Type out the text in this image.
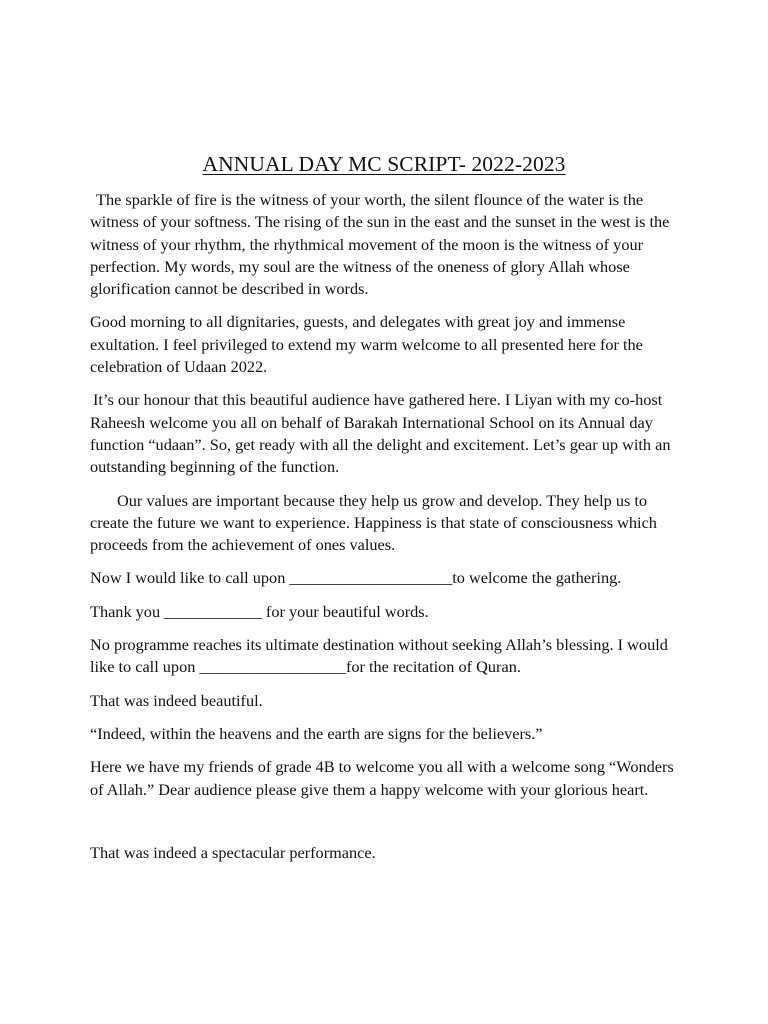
ANNUAL DAY MC SCRIPT- 2022-2023

The sparkle of fire is the witness of your worth, the silent flounce of the water is the witness of your softness. The rising of the sun in the east and the sunset in the west is the witness of your rhythm, the rhythmical movement of the moon is the witness of your perfection. My words, my soul are the witness of the oneness of glory Allah whose glorification cannot be described in words.

Good morning to all dignitaries, guests, and delegates with great joy and immense exultation. I feel privileged to extend my warm welcome to all presented here for the celebration of Udaan 2022.

It’s our honour that this beautiful audience have gathered here. I Liyan with my co-host Raheesh welcome you all on behalf of Barakah International School on its Annual day function “udaan”. So, get ready with all the delight and excitement. Let’s gear up with an outstanding beginning of the function.

Our values are important because they help us grow and develop. They help us to create the future we want to experience. Happiness is that state of consciousness which proceeds from the achievement of ones values.

Now I would like to call upon ____________________to welcome the gathering.

Thank you ____________ for your beautiful words.

No programme reaches its ultimate destination without seeking Allah’s blessing. I would like to call upon __________________for the recitation of Quran.

That was indeed beautiful.

“Indeed, within the heavens and the earth are signs for the believers.”

Here we have my friends of grade 4B to welcome you all with a welcome song “Wonders of Allah.” Dear audience please give them a happy welcome with your glorious heart.

That was indeed a spectacular performance.
